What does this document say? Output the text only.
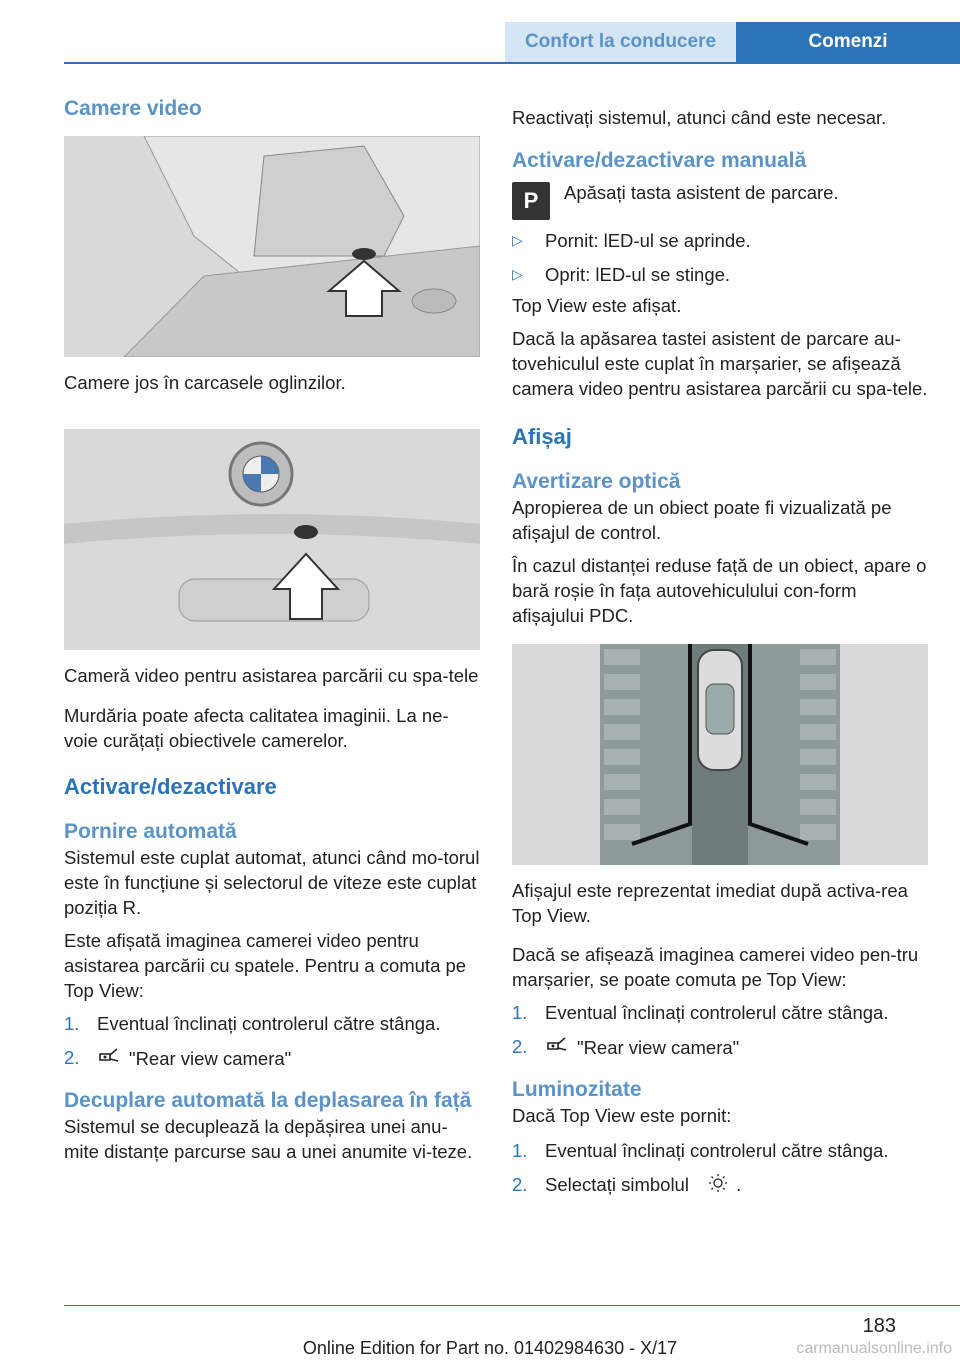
Confort la conducere	Comenzi
Camere video

Camere jos în carcasele oglinzilor.

Cameră video pentru asistarea parcării cu spa-tele

Murdăria poate afecta calitatea imaginii. La ne-voie curățați obiectivele camerelor.

Activare/dezactivare
Pornire automată

Sistemul este cuplat automat, atunci când mo-torul este în funcțiune și selectorul de viteze este cuplat poziția R.

Este afișată imaginea camerei video pentru asistarea parcării cu spatele. Pentru a comuta pe Top View:

1. Eventual înclinați controlerul către stânga.
2.	"Rear view camera"
Decuplare automată la deplasarea în față

Sistemul se decuplează la depășirea unei anu-mite distanțe parcurse sau a unei anumite vi-teze.

Reactivați sistemul, atunci când este necesar.

Activare/dezactivare manuală
P	Apăsați tasta asistent de parcare.
▷ Pornit: lED-ul se aprinde.
▷ Oprit: lED-ul se stinge.

Top View este afișat.

Dacă la apăsarea tastei asistent de parcare au-tovehiculul este cuplat în marșarier, se afișează camera video pentru asistarea parcării cu spa-tele.

Afișaj
Avertizare optică

Apropierea de un obiect poate fi vizualizată pe afișajul de control.

În cazul distanței reduse față de un obiect, apare o bară roșie în fața autovehiculului con-form afișajului PDC.

Afișajul este reprezentat imediat după activa-rea Top View.

Dacă se afișează imaginea camerei video pen-tru marșarier, se poate comuta pe Top View:

1. Eventual înclinați controlerul către stânga.
2.	"Rear view camera"
Luminozitate

Dacă Top View este pornit:

1. Eventual înclinați controlerul către stânga.
2. Selectați simbolul	.
183
Online Edition for Part no. 01402984630 - X/17	carmanualsonline.info
